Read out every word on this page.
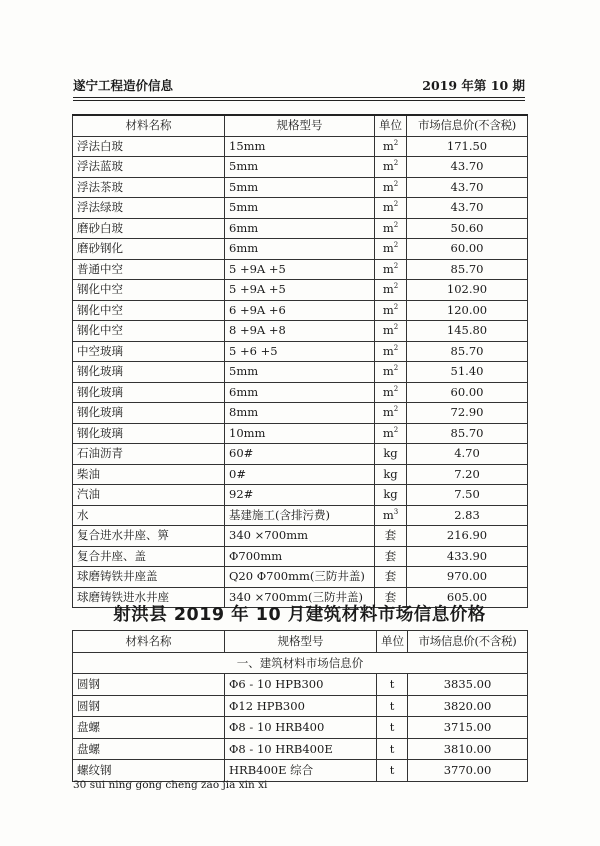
遂宁工程造价信息	2019 年第 10 期
材料名称	规格型号	单位	市场信息价(不含税)
浮法白玻	15mm	$m^2$	171.50
浮法蓝玻	5mm	$m^2$	43.70
浮法茶玻	5mm	$m^2$	43.70
浮法绿玻	5mm	$m^2$	43.70
磨砂白玻	6mm	$m^2$	50.60
磨砂钢化	6mm	$m^2$	60.00
普通中空	5 +9A +5	$m^2$	85.70
钢化中空	5 +9A +5	$m^2$	102.90
钢化中空	6 +9A +6	$m^2$	120.00
钢化中空	8 +9A +8	$m^2$	145.80
中空玻璃	5 +6 +5	$m^2$	85.70
钢化玻璃	5mm	$m^2$	51.40
钢化玻璃	6mm	$m^2$	60.00
钢化玻璃	8mm	$m^2$	72.90
钢化玻璃	10mm	$m^2$	85.70
石油沥青	60#	kg	4.70
柴油	0#	kg	7.20
汽油	92#	kg	7.50
水	基建施工(含排污费)	$m^3$	2.83
复合进水井座、箅	340 ×700mm	套	216.90
复合井座、盖	Φ700mm	套	433.90
球磨铸铁井座盖	Q20 Φ700mm(三防井盖)	套	970.00
球磨铸铁进水井座	340 ×700mm(三防井盖)	套	605.00
射洪县 2019 年 10 月建筑材料市场信息价格
材料名称	规格型号	单位	市场信息价(不含税)
一、建筑材料市场信息价			
圆钢	Φ6 - 10 HPB300	t	3835.00
圆钢	Φ12 HPB300	t	3820.00
盘螺	Φ8 - 10 HRB400	t	3715.00
盘螺	Φ8 - 10 HRB400E	t	3810.00
螺纹钢	HRB400E 综合	t	3770.00
30 sui ning gong cheng zao jia xin xi
